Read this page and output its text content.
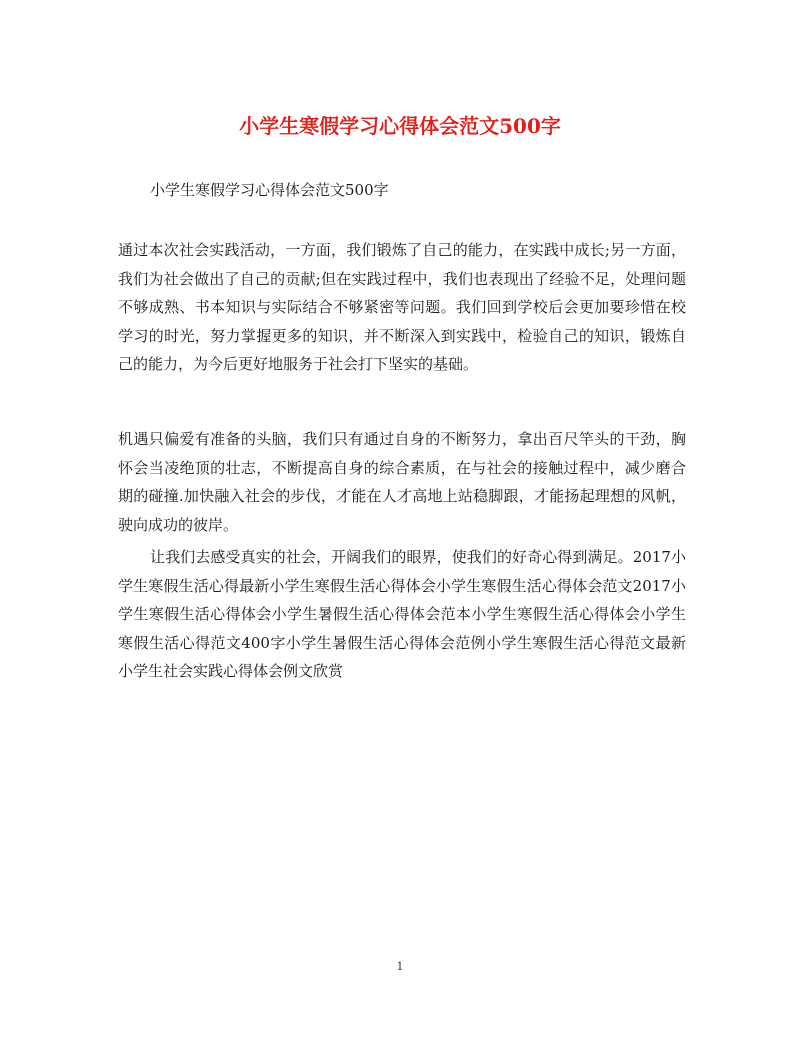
小学生寒假学习心得体会范文500字
小学生寒假学习心得体会范文500字

通过本次社会实践活动，一方面，我们锻炼了自己的能力，在实践中成长;另一方面，我们为社会做出了自己的贡献;但在实践过程中，我们也表现出了经验不足，处理问题不够成熟、书本知识与实际结合不够紧密等问题。我们回到学校后会更加要珍惜在校学习的时光，努力掌握更多的知识，并不断深入到实践中，检验自己的知识，锻炼自己的能力，为今后更好地服务于社会打下坚实的基础。

机遇只偏爱有准备的头脑，我们只有通过自身的不断努力，拿出百尺竿头的干劲，胸怀会当凌绝顶的壮志，不断提高自身的综合素质，在与社会的接触过程中，减少磨合期的碰撞.加快融入社会的步伐，才能在人才高地上站稳脚跟，才能扬起理想的风帆，驶向成功的彼岸。

让我们去感受真实的社会，开阔我们的眼界，使我们的好奇心得到满足。2017小学生寒假生活心得最新小学生寒假生活心得体会小学生寒假生活心得体会范文2017小学生寒假生活心得体会小学生暑假生活心得体会范本小学生寒假生活心得体会小学生寒假生活心得范文400字小学生暑假生活心得体会范例小学生寒假生活心得范文最新小学生社会实践心得体会例文欣赏

1
